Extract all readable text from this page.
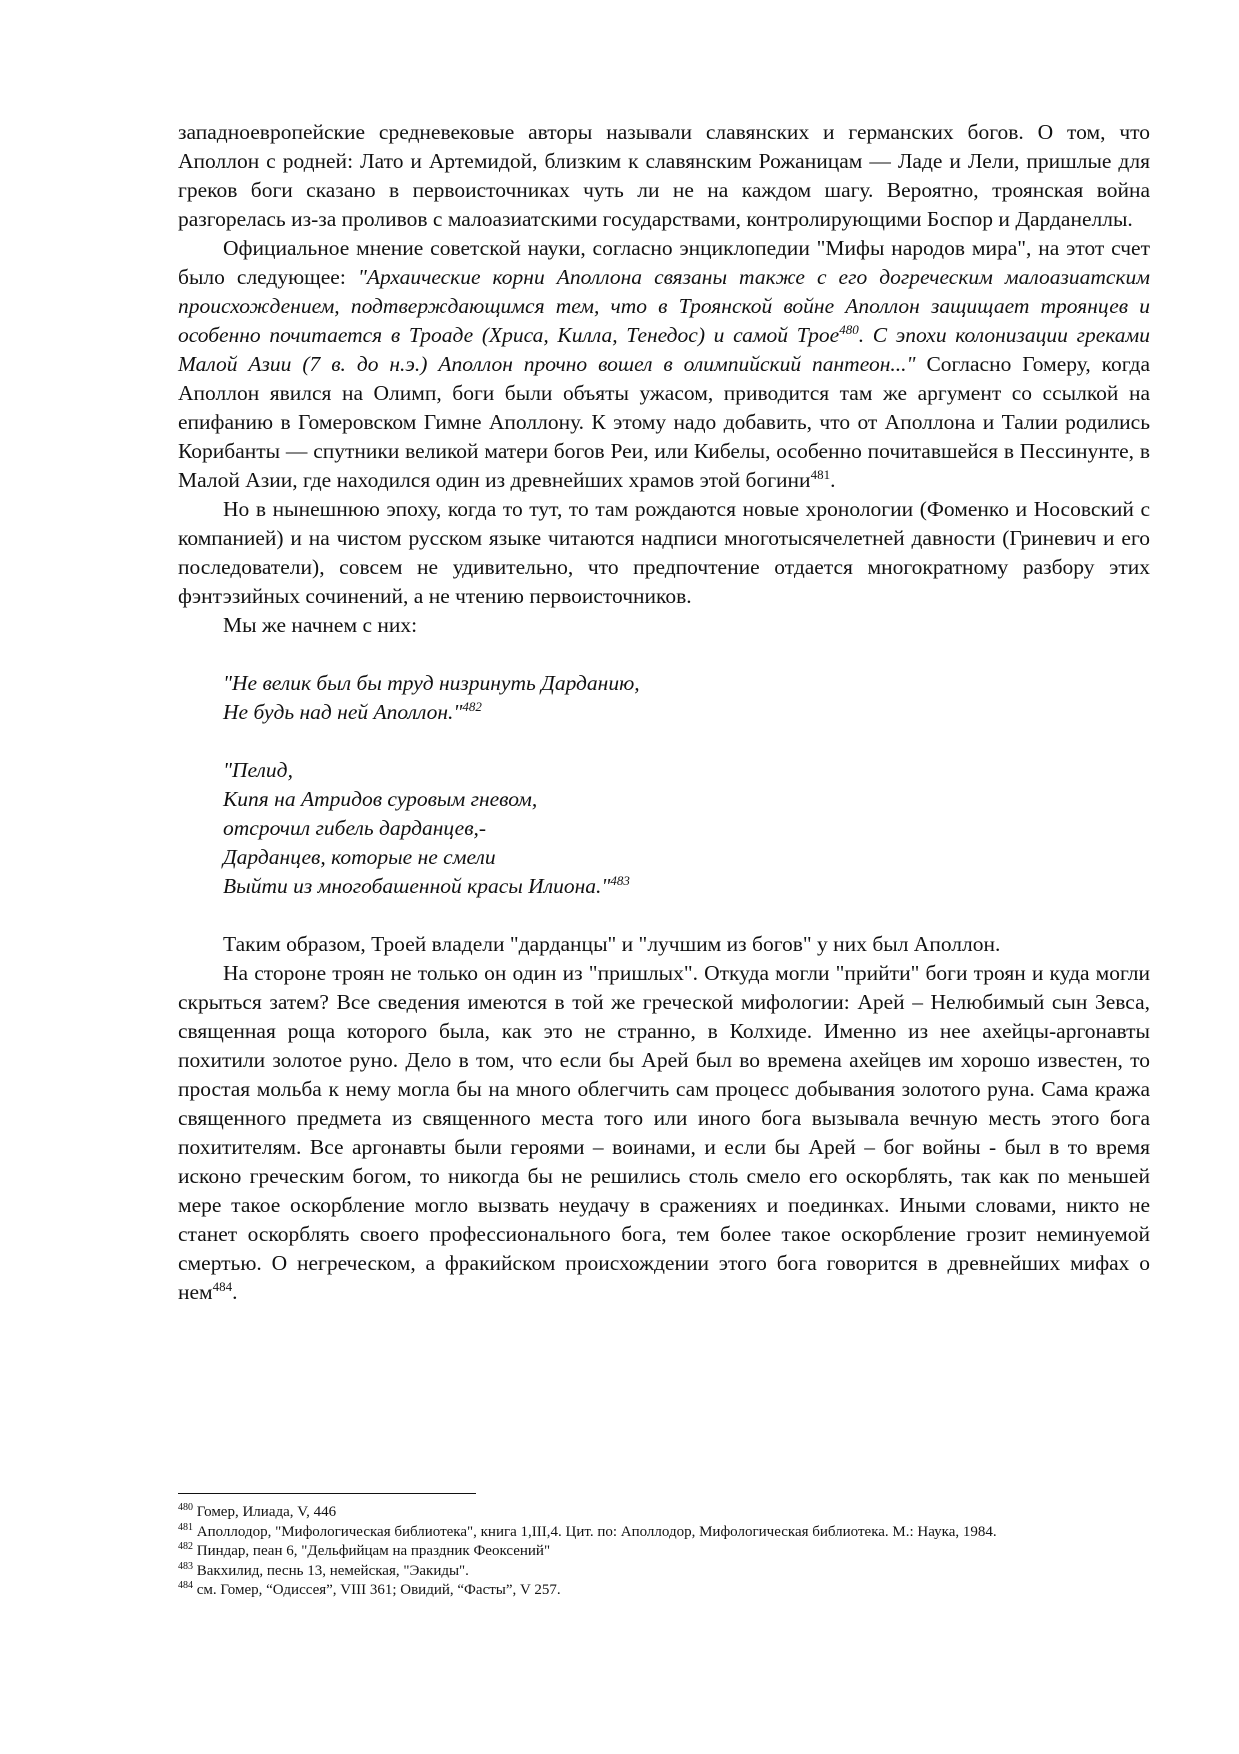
западноевропейские средневековые авторы называли славянских и германских богов. О том, что Аполлон с родней: Лато и Артемидой, близким к славянским Рожаницам — Ладе и Лели, пришлые для греков боги сказано в первоисточниках чуть ли не на каждом шагу. Вероятно, троянская война разгорелась из-за проливов с малоазиатскими государствами, контролирующими Боспор и Дарданеллы.

Официальное мнение советской науки, согласно энциклопедии "Мифы народов мира", на этот счет было следующее: "Архаические корни Аполлона связаны также с его догреческим малоазиатским происхождением, подтверждающимся тем, что в Троянской войне Аполлон защищает троянцев и особенно почитается в Троаде (Хриса, Килла, Тенедос) и самой Трое$^{480}$. С эпохи колонизации греками Малой Азии (7 в. до н.э.) Аполлон прочно вошел в олимпийский пантеон..." Согласно Гомеру, когда Аполлон явился на Олимп, боги были объяты ужасом, приводится там же аргумент со ссылкой на епифанию в Гомеровском Гимне Аполлону. К этому надо добавить, что от Аполлона и Талии родились Корибанты — спутники великой матери богов Реи, или Кибелы, особенно почитавшейся в Пессинунте, в Малой Азии, где находился один из древнейших храмов этой богини$^{481}$.

Но в нынешнюю эпоху, когда то тут, то там рождаются новые хронологии (Фоменко и Носовский с компанией) и на чистом русском языке читаются надписи многотысячелетней давности (Гриневич и его последователи), совсем не удивительно, что предпочтение отдается многократному разбору этих фэнтэзийных сочинений, а не чтению первоисточников.

Мы же начнем с них:

"Не велик был бы труд низринуть Дарданию,
Не будь над ней Аполлон."$^{482}$
"Пелид,
Кипя на Атридов суровым гневом,
отсрочил гибель дарданцев,-
Дарданцев, которые не смели
Выйти из многобашенной красы Илиона."$^{483}$

Таким образом, Троей владели "дарданцы" и "лучшим из богов" у них был Аполлон.

На стороне троян не только он один из "пришлых". Откуда могли "прийти" боги троян и куда могли скрыться затем? Все сведения имеются в той же греческой мифологии: Арей – Нелюбимый сын Зевса, священная роща которого была, как это не странно, в Колхиде. Именно из нее ахейцы-аргонавты похитили золотое руно. Дело в том, что если бы Арей был во времена ахейцев им хорошо известен, то простая мольба к нему могла бы на много облегчить сам процесс добывания золотого руна. Сама кража священного предмета из священного места того или иного бога вызывала вечную месть этого бога похитителям. Все аргонавты были героями – воинами, и если бы Арей – бог войны - был в то время исконо греческим богом, то никогда бы не решились столь смело его оскорблять, так как по меньшей мере такое оскорбление могло вызвать неудачу в сражениях и поединках. Иными словами, никто не станет оскорблять своего профессионального бога, тем более такое оскорбление грозит неминуемой смертью. О негреческом, а фракийском происхождении этого бога говорится в древнейших мифах о нем$^{484}$.

$^{480}$ Гомер, Илиада, V, 446

$^{481}$ Аполлодор, "Мифологическая библиотека", книга 1,III,4. Цит. по: Аполлодор, Мифологическая библиотека. М.: Наука, 1984.

$^{482}$ Пиндар, пеан 6, "Дельфийцам на праздник Феоксений"

$^{483}$ Вакхилид, песнь 13, немейская, "Эакиды".

$^{484}$ см. Гомер, “Одиссея”, VIII 361; Овидий, “Фасты”, V 257.
